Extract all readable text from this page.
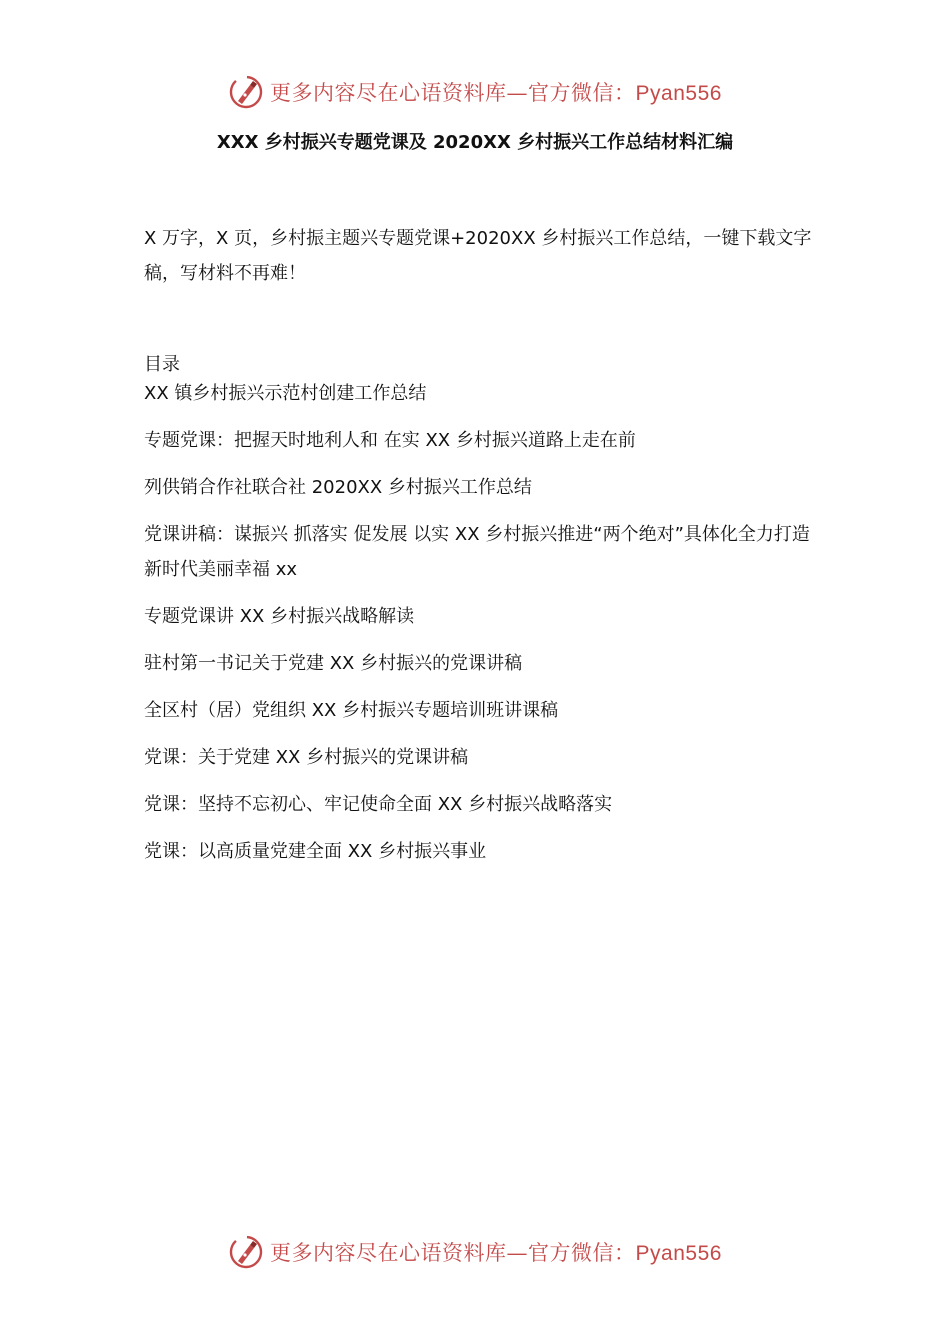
更多内容尽在心语资料库—官方微信：Pyan556
XXX 乡村振兴专题党课及 2020XX 乡村振兴工作总结材料汇编
X 万字，X 页，乡村振主题兴专题党课+2020XX 乡村振兴工作总结，一键下载文字稿，写材料不再难！
目录
XX 镇乡村振兴示范村创建工作总结
专题党课：把握天时地利人和 在实 XX 乡村振兴道路上走在前
列供销合作社联合社 2020XX 乡村振兴工作总结
党课讲稿：谋振兴 抓落实 促发展 以实 XX 乡村振兴推进“两个绝对”具体化全力打造新时代美丽幸福 xx
专题党课讲 XX 乡村振兴战略解读
驻村第一书记关于党建 XX 乡村振兴的党课讲稿
全区村（居）党组织 XX 乡村振兴专题培训班讲课稿
党课：关于党建 XX 乡村振兴的党课讲稿
党课：坚持不忘初心、牢记使命全面 XX 乡村振兴战略落实
党课：以高质量党建全面 XX 乡村振兴事业
更多内容尽在心语资料库—官方微信：Pyan556
